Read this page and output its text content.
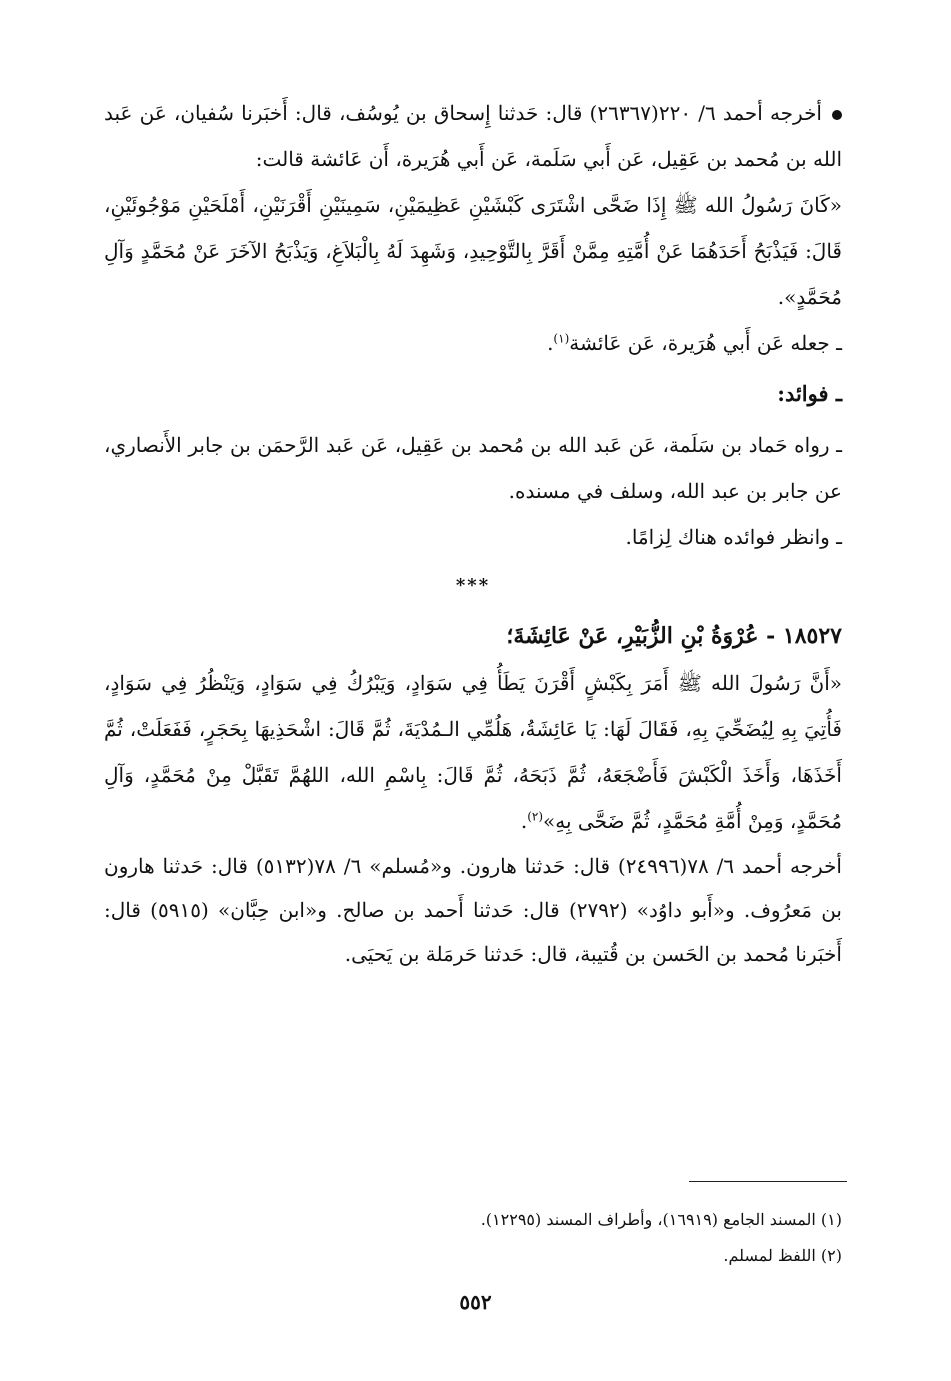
أخرجه أحمد ٦/ ٢٢٠(٢٦٣٦٧) قال: حَدثنا إِسحاق بن يُوسُف، قال: أَخبَرنا سُفيان، عَن عَبد الله بن مُحمد بن عَقِيل، عَن أَبي سَلَمة، عَن أَبي هُرَيرة، أَن عَائشة قالت:

«كَانَ رَسُولُ الله ﷺ إِذَا ضَحَّى اشْتَرَى كَبْشَيْنِ عَظِيمَيْنِ، سَمِينَيْنِ أَقْرَنَيْنِ، أَمْلَحَيْنِ مَوْجُوئَيْنِ، قَالَ: فَيَذْبَحُ أَحَدَهُمَا عَنْ أُمَّتِهِ مِمَّنْ أَقَرَّ بِالتَّوْحِيدِ، وَشَهِدَ لَهُ بِالْبَلاَغِ، وَيَذْبَحُ الآخَرَ عَنْ مُحَمَّدٍ وَآلِ مُحَمَّدٍ».

ـ جعله عَن أَبي هُرَيرة، عَن عَائشة$^{(١)}$.

ـ فوائد:

ـ رواه حَماد بن سَلَمة، عَن عَبد الله بن مُحمد بن عَقِيل، عَن عَبد الرَّحمَن بن جابر الأَنصاري، عن جابر بن عبد الله، وسلف في مسنده.

ـ وانظر فوائده هناك لِزامًا.

***
١٨٥٢٧ - عُرْوَةُ بْنِ الزُّبَيْرِ، عَنْ عَائِشَةَ؛

«أَنَّ رَسُولَ الله ﷺ أَمَرَ بِكَبْشٍ أَقْرَنَ يَطَأُ فِي سَوَادٍ، وَيَبْرُكُ فِي سَوَادٍ، وَيَنْظُرُ فِي سَوَادٍ، فَأُتِيَ بِهِ لِيُضَحِّيَ بِهِ، فَقَالَ لَهَا: يَا عَائِشَةُ، هَلُمِّي الـمُدْيَةَ، ثُمَّ قَالَ: اشْحَذِيهَا بِحَجَرٍ، فَفَعَلَتْ، ثُمَّ أَخَذَهَا، وَأَخَذَ الْكَبْشَ فَأَضْجَعَهُ، ثُمَّ ذَبَحَهُ، ثُمَّ قَالَ: بِاسْمِ الله، اللهُمَّ تَقَبَّلْ مِنْ مُحَمَّدٍ، وَآلِ مُحَمَّدٍ، وَمِنْ أُمَّةِ مُحَمَّدٍ، ثُمَّ ضَحَّى بِهِ»$^{(٢)}$.

أخرجه أحمد ٦/ ٧٨(٢٤٩٩٦) قال: حَدثنا هارون. و«مُسلم» ٦/ ٧٨(٥١٣٢) قال: حَدثنا هارون بن مَعرُوف. و«أَبو داوُد» (٢٧٩٢) قال: حَدثنا أَحمد بن صالح. و«ابن حِبَّان» (٥٩١٥) قال: أَخبَرنا مُحمد بن الحَسن بن قُتيبة، قال: حَدثنا حَرمَلة بن يَحيَى.

(١) المسند الجامع (١٦٩١٩)، وأطراف المسند (١٢٢٩٥).
(٢) اللفظ لمسلم.
٥٥٢
